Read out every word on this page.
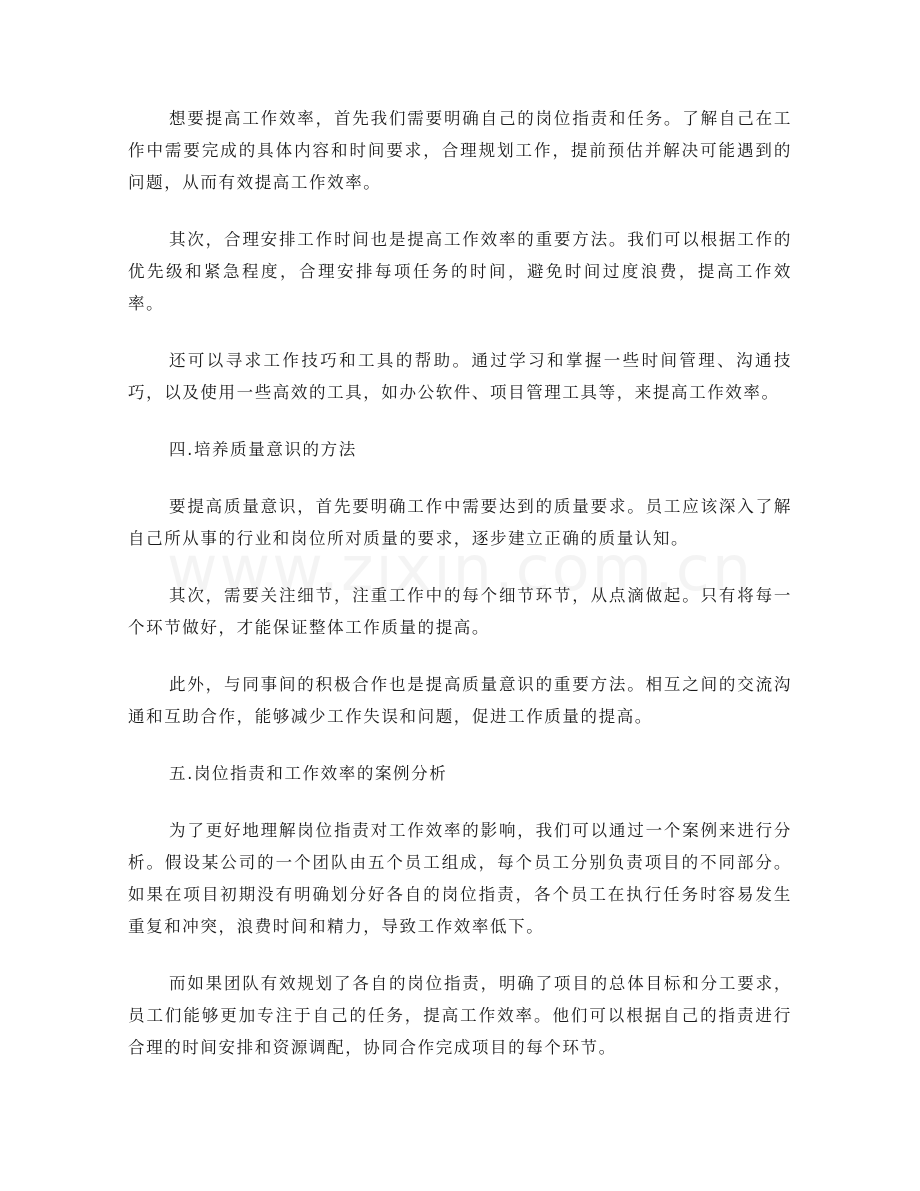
想要提高工作效率，首先我们需要明确自己的岗位指责和任务。了解自己在工作中需要完成的具体内容和时间要求，合理规划工作，提前预估并解决可能遇到的问题，从而有效提高工作效率。

其次，合理安排工作时间也是提高工作效率的重要方法。我们可以根据工作的优先级和紧急程度，合理安排每项任务的时间，避免时间过度浪费，提高工作效率。

还可以寻求工作技巧和工具的帮助。通过学习和掌握一些时间管理、沟通技巧，以及使用一些高效的工具，如办公软件、项目管理工具等，来提高工作效率。

四.培养质量意识的方法

要提高质量意识，首先要明确工作中需要达到的质量要求。员工应该深入了解自己所从事的行业和岗位所对质量的要求，逐步建立正确的质量认知。

其次，需要关注细节，注重工作中的每个细节环节，从点滴做起。只有将每一个环节做好，才能保证整体工作质量的提高。

此外，与同事间的积极合作也是提高质量意识的重要方法。相互之间的交流沟通和互助合作，能够减少工作失误和问题，促进工作质量的提高。

五.岗位指责和工作效率的案例分析

为了更好地理解岗位指责对工作效率的影响，我们可以通过一个案例来进行分析。假设某公司的一个团队由五个员工组成，每个员工分别负责项目的不同部分。如果在项目初期没有明确划分好各自的岗位指责，各个员工在执行任务时容易发生重复和冲突，浪费时间和精力，导致工作效率低下。

而如果团队有效规划了各自的岗位指责，明确了项目的总体目标和分工要求，员工们能够更加专注于自己的任务，提高工作效率。他们可以根据自己的指责进行合理的时间安排和资源调配，协同合作完成项目的每个环节。
